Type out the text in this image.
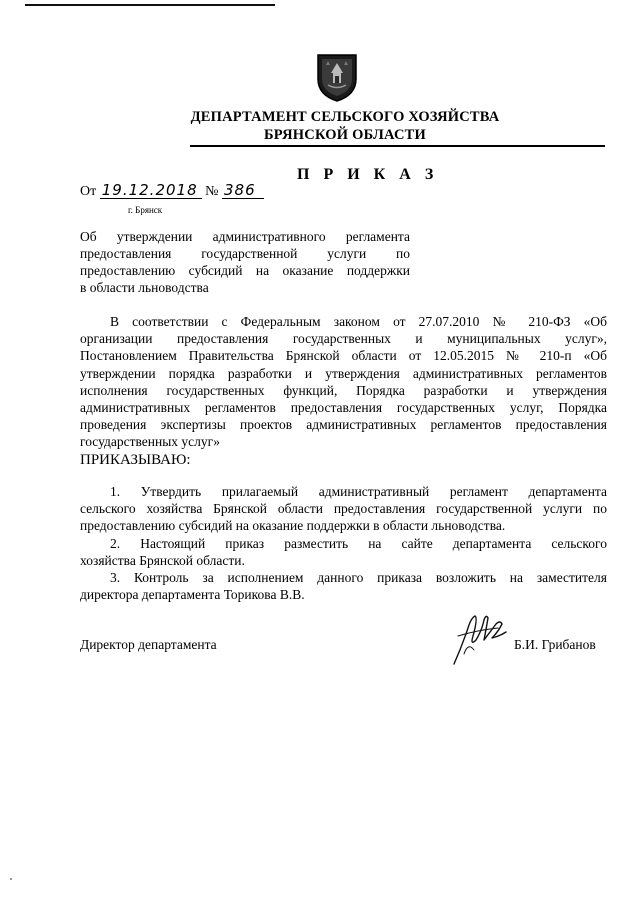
ДЕПАРТАМЕНТ СЕЛЬСКОГО ХОЗЯЙСТВА
БРЯНСКОЙ ОБЛАСТИ
П Р И К А З
От 19.12.2018 № 386
г. Брянск
Об утверждении административного регламента
предоставления государственной услуги по
предоставлению субсидий на оказание поддержки
в области льноводства
В соответствии с Федеральным законом от 27.07.2010 № 210-ФЗ «Об
организации предоставления государственных и муниципальных услуг»,
Постановлением Правительства Брянской области от 12.05.2015 № 210-п «Об
утверждении порядка разработки и утверждения административных регламентов
исполнения государственных функций, Порядка разработки и утверждения
административных регламентов предоставления государственных услуг, Порядка
проведения экспертизы проектов административных регламентов предоставления
государственных услуг»
ПРИКАЗЫВАЮ:
1. Утвердить прилагаемый административный регламент департамента
сельского хозяйства Брянской области предоставления государственной услуги по
предоставлению субсидий на оказание поддержки в области льноводства.
2. Настоящий приказ разместить на сайте департамента сельского
хозяйства Брянской области.
3. Контроль за исполнением данного приказа возложить на заместителя
директора департамента Торикова В.В.
Директор департамента	Б.И. Грибанов
